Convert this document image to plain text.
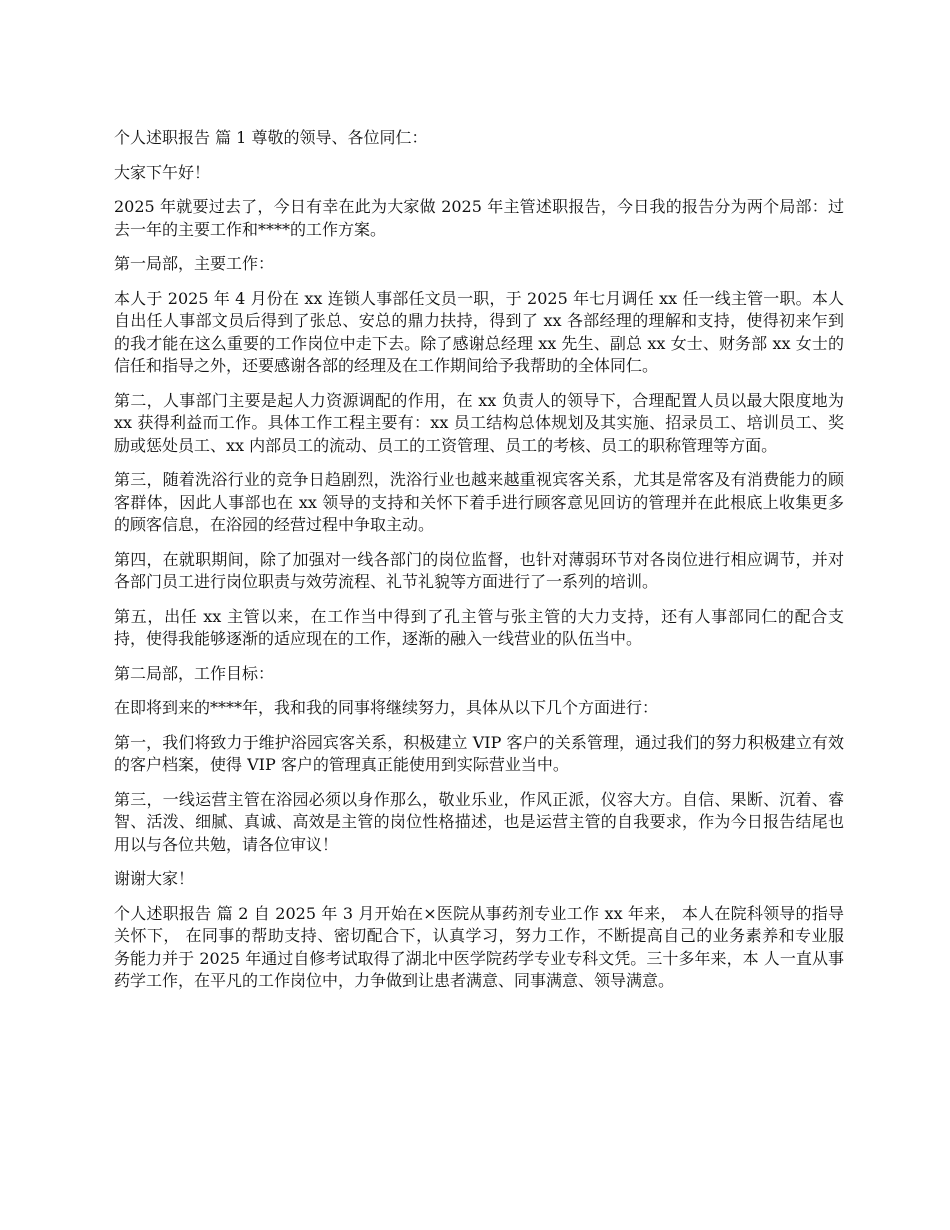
个人述职报告 篇 1 尊敬的领导、各位同仁：

大家下午好！

2025 年就要过去了，今日有幸在此为大家做 2025 年主管述职报告，今日我的报告分为两个局部：过去一年的主要工作和****的工作方案。

第一局部，主要工作：

本人于 2025 年 4 月份在 xx 连锁人事部任文员一职，于 2025 年七月调任 xx 任一线主管一职。本人自出任人事部文员后得到了张总、安总的鼎力扶持，得到了 xx 各部经理的理解和支持，使得初来乍到的我才能在这么重要的工作岗位中走下去。除了感谢总经理 xx 先生、副总 xx 女士、财务部 xx 女士的信任和指导之外，还要感谢各部的经理及在工作期间给予我帮助的全体同仁。

第二，人事部门主要是起人力资源调配的作用，在 xx 负责人的领导下，合理配置人员以最大限度地为 xx 获得利益而工作。具体工作工程主要有：xx 员工结构总体规划及其实施、招录员工、培训员工、奖励或惩处员工、xx 内部员工的流动、员工的工资管理、员工的考核、员工的职称管理等方面。

第三，随着洗浴行业的竞争日趋剧烈，洗浴行业也越来越重视宾客关系，尤其是常客及有消费能力的顾客群体，因此人事部也在 xx 领导的支持和关怀下着手进行顾客意见回访的管理并在此根底上收集更多的顾客信息，在浴园的经营过程中争取主动。

第四，在就职期间，除了加强对一线各部门的岗位监督，也针对薄弱环节对各岗位进行相应调节，并对各部门员工进行岗位职责与效劳流程、礼节礼貌等方面进行了一系列的培训。

第五，出任 xx 主管以来，在工作当中得到了孔主管与张主管的大力支持，还有人事部同仁的配合支持，使得我能够逐渐的适应现在的工作，逐渐的融入一线营业的队伍当中。

第二局部，工作目标：

在即将到来的****年，我和我的同事将继续努力，具体从以下几个方面进行：

第一，我们将致力于维护浴园宾客关系，积极建立 VIP 客户的关系管理，通过我们的努力积极建立有效的客户档案，使得 VIP 客户的管理真正能使用到实际营业当中。

第三，一线运营主管在浴园必须以身作那么，敬业乐业，作风正派，仪容大方。自信、果断、沉着、睿智、活泼、细腻、真诚、高效是主管的岗位性格描述，也是运营主管的自我要求，作为今日报告结尾也用以与各位共勉，请各位审议！

谢谢大家！

个人述职报告 篇 2 自 2025 年 3 月开始在×医院从事药剂专业工作 xx 年来， 本人在院科领导的指导关怀下， 在同事的帮助支持、密切配合下，认真学习，努力工作，不断提高自己的业务素养和专业服 务能力并于 2025 年通过自修考试取得了湖北中医学院药学专业专科文凭。三十多年来，本 人一直从事药学工作，在平凡的工作岗位中，力争做到让患者满意、同事满意、领导满意。
